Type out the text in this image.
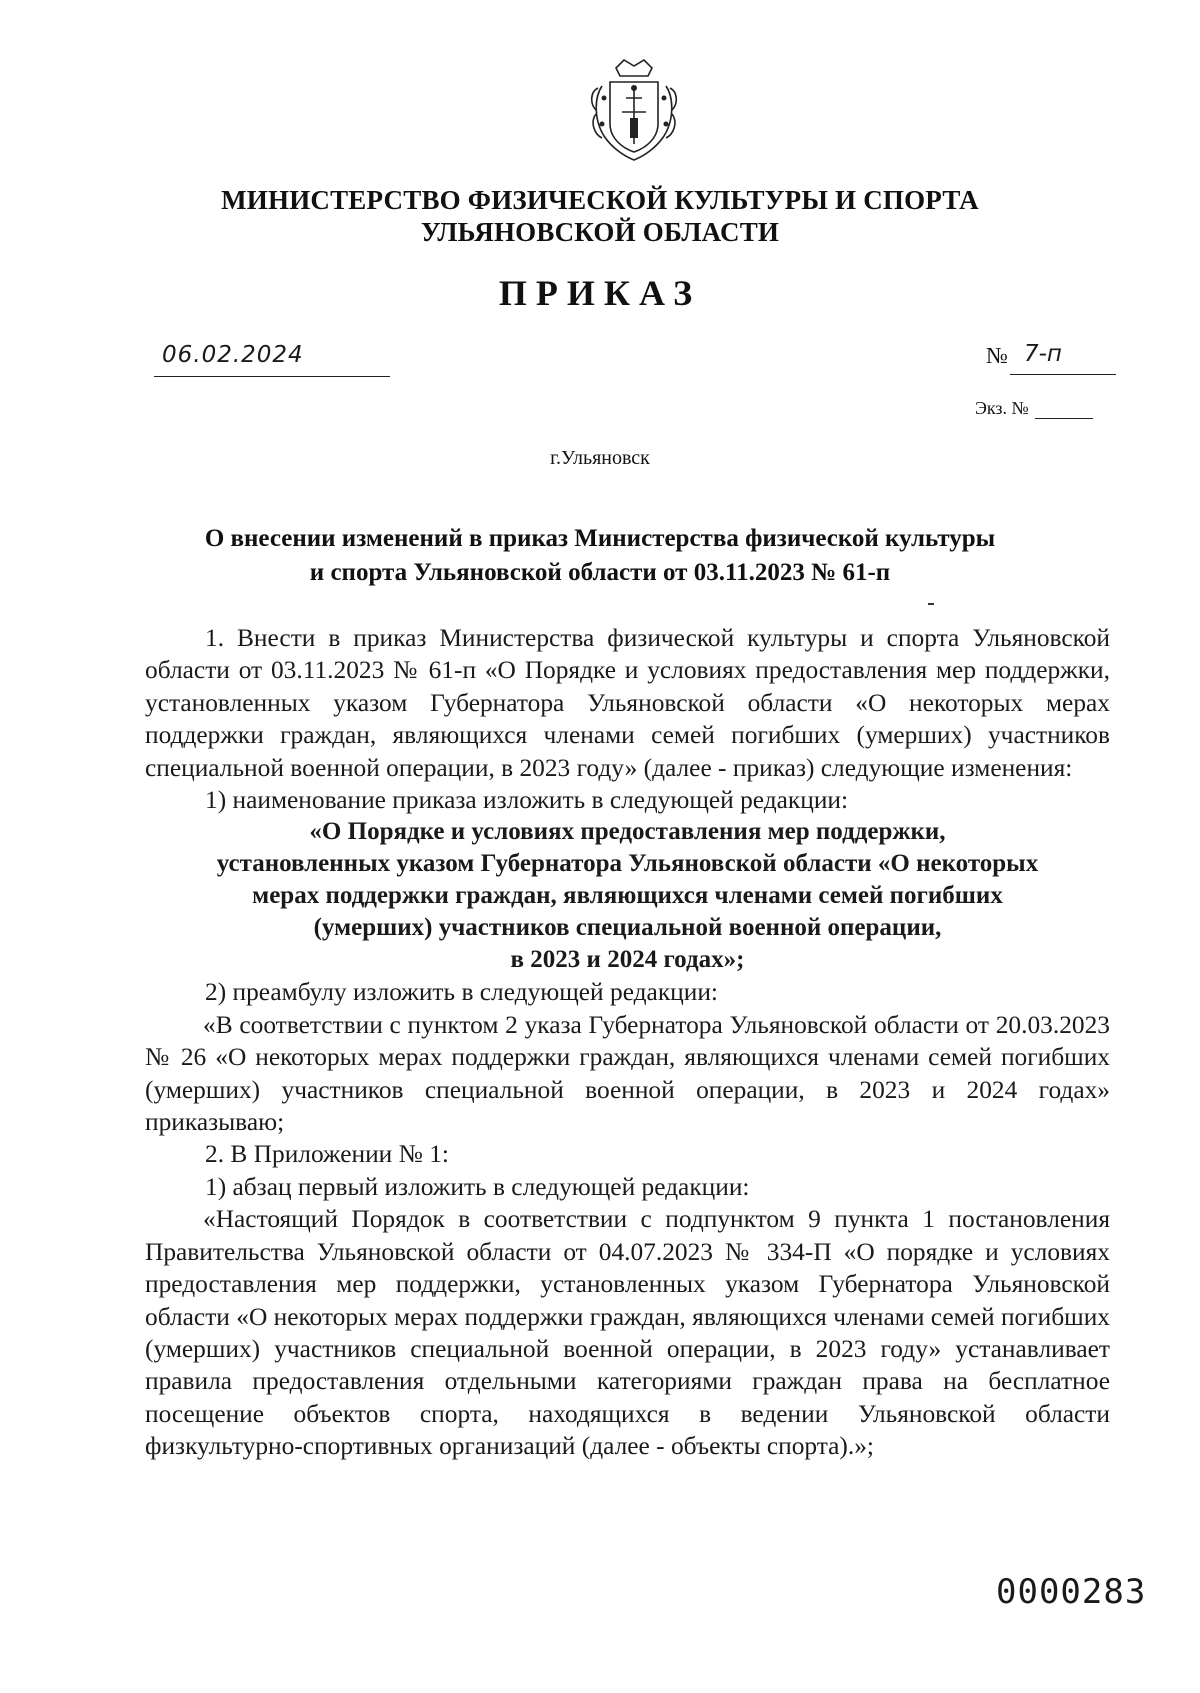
МИНИСТЕРСТВО ФИЗИЧЕСКОЙ КУЛЬТУРЫ И СПОРТА
УЛЬЯНОВСКОЙ ОБЛАСТИ
ПРИКАЗ
06.02.2024	№ 7-п
Экз. №
г.Ульяновск
О внесении изменений в приказ Министерства физической культуры
и спорта Ульяновской области от 03.11.2023 № 61-п

1. Внести в приказ Министерства физической культуры и спорта Ульяновской области от 03.11.2023 № 61-п «О Порядке и условиях предоставления мер поддержки, установленных указом Губернатора Ульяновской области «О некоторых мерах поддержки граждан, являющихся членами семей погибших (умерших) участников специальной военной операции, в 2023 году» (далее - приказ) следующие изменения:

1) наименование приказа изложить в следующей редакции:

«О Порядке и условиях предоставления мер поддержки,
установленных указом Губернатора Ульяновской области «О некоторых
мерах поддержки граждан, являющихся членами семей погибших
(умерших) участников специальной военной операции,
в 2023 и 2024 годах»;

2) преамбулу изложить в следующей редакции:

«В соответствии с пунктом 2 указа Губернатора Ульяновской области от 20.03.2023 № 26 «О некоторых мерах поддержки граждан, являющихся членами семей погибших (умерших) участников специальной военной операции, в 2023 и 2024 годах» приказываю;

2. В Приложении № 1:

1) абзац первый изложить в следующей редакции:

«Настоящий Порядок в соответствии с подпунктом 9 пункта 1 постановления Правительства Ульяновской области от 04.07.2023 № 334-П «О порядке и условиях предоставления мер поддержки, установленных указом Губернатора Ульяновской области «О некоторых мерах поддержки граждан, являющихся членами семей погибших (умерших) участников специальной военной операции, в 2023 году» устанавливает правила предоставления отдельными категориями граждан права на бесплатное посещение объектов спорта, находящихся в ведении Ульяновской области физкультурно-спортивных организаций (далее - объекты спорта).»;

0000283
